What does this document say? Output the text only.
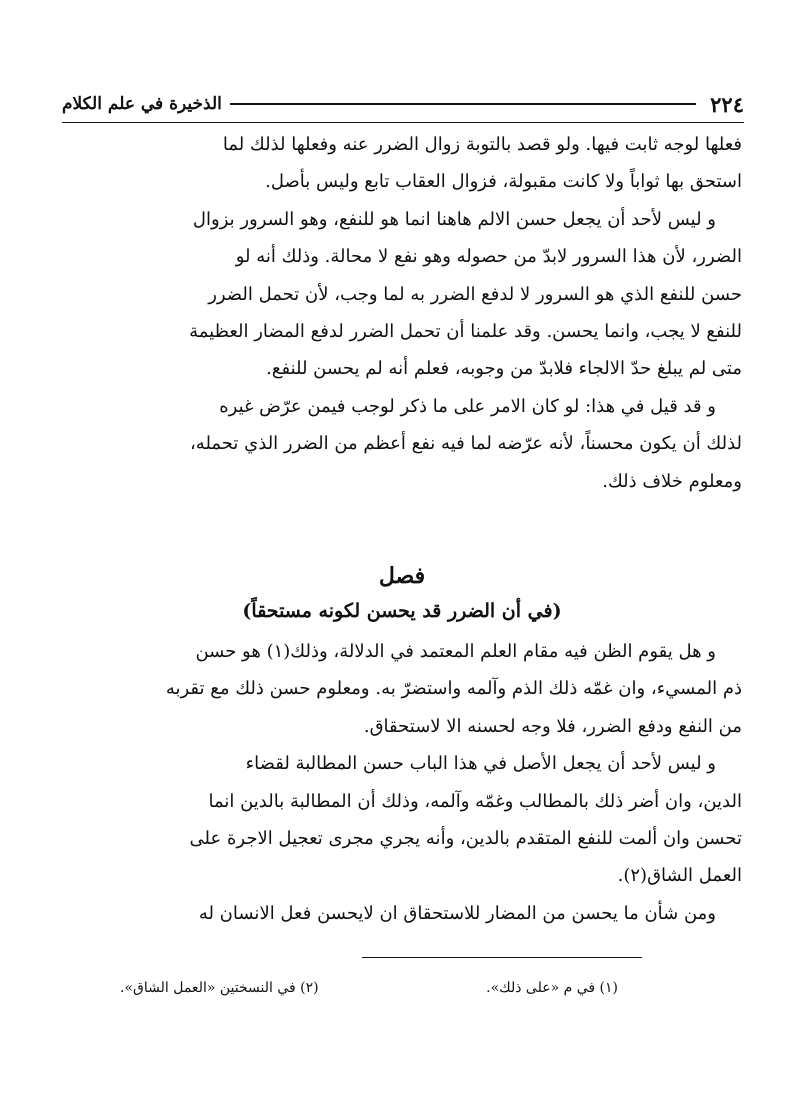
٢٢٤
الذخيرة في علم الكلام

فعلها لوجه ثابت فيها. ولو قصد بالتوبة زوال الضرر عنه وفعلها لذلك لما

استحق بها ثواباً ولا كانت مقبولة، فزوال العقاب تابع وليس بأصل.

و ليس لأحد أن يجعل حسن الالم هاهنا انما هو للنفع، وهو السرور بزوال

الضرر، لأن هذا السرور لابدّ من حصوله وهو نفع لا محالة. وذلك أنه لو

حسن للنفع الذي هو السرور لا لدفع الضرر به لما وجب، لأن تحمل الضرر

للنفع لا يجب، وانما يحسن. وقد علمنا أن تحمل الضرر لدفع المضار العظيمة

متى لم يبلغ حدّ الالجاء فلابدّ من وجوبه، فعلم أنه لم يحسن للنفع.

و قد قيل في هذا: لو كان الامر على ما ذكر لوجب فيمن عرّض غيره

لذلك أن يكون محسناً، لأنه عرّضه لما فيه نفع أعظم من الضرر الذي تحمله،

ومعلوم خلاف ذلك.

فصل

(في أن الضرر قد يحسن لكونه مستحقاً)

و هل يقوم الظن فيه مقام العلم المعتمد في الدلالة، وذلك(١) هو حسن

ذم المسيء، وان غمّه ذلك الذم وآلمه واستضرّ به. ومعلوم حسن ذلك مع تقربه

من النفع ودفع الضرر، فلا وجه لحسنه الا لاستحقاق.

و ليس لأحد أن يجعل الأصل في هذا الباب حسن المطالبة لقضاء

الدين، وان أضر ذلك بالمطالب وغمّه وآلمه، وذلك أن المطالبة بالدين انما

تحسن وان ألمت للنفع المتقدم بالدين، وأنه يجري مجرى تعجيل الاجرة على

العمل الشاق(٢).

ومن شأن ما يحسن من المضار للاستحقاق ان لايحسن فعل الانسان له

(١) في م «على ذلك».
(٢) في النسختين «العمل الشاق».
